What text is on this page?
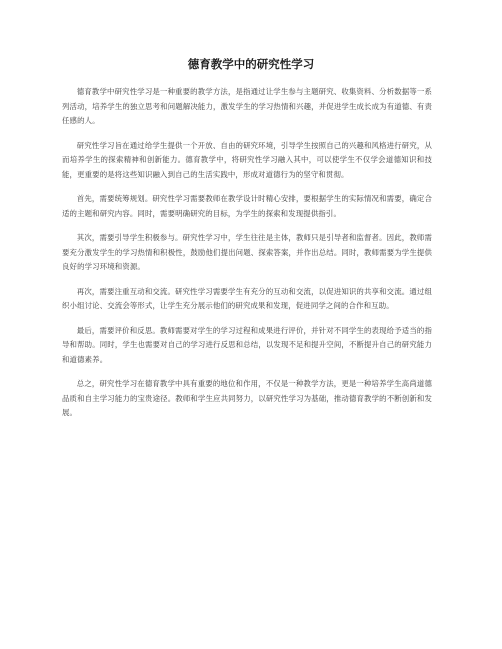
德育教学中的研究性学习

德育教学中研究性学习是一种重要的教学方法，是指通过让学生参与主题研究、收集资料、分析数据等一系列活动，培养学生的独立思考和问题解决能力，激发学生的学习热情和兴趣，并促进学生成长成为有道德、有责任感的人。

研究性学习旨在通过给学生提供一个开放、自由的研究环境，引导学生按照自己的兴趣和风格进行研究，从而培养学生的探索精神和创新能力。德育教学中，将研究性学习融入其中，可以使学生不仅学会道德知识和技能，更重要的是将这些知识融入到自己的生活实践中，形成对道德行为的坚守和贯彻。

首先，需要统筹规划。研究性学习需要教师在教学设计时精心安排，要根据学生的实际情况和需要，确定合适的主题和研究内容。同时，需要明确研究的目标，为学生的探索和发现提供指引。

其次，需要引导学生积极参与。研究性学习中，学生往往是主体，教师只是引导者和监督者。因此，教师需要充分激发学生的学习热情和积极性，鼓励他们提出问题、探索答案，并作出总结。同时，教师需要为学生提供良好的学习环境和资源。

再次，需要注重互动和交流。研究性学习需要学生有充分的互动和交流，以促进知识的共享和交流。通过组织小组讨论、交流会等形式，让学生充分展示他们的研究成果和发现，促进同学之间的合作和互助。

最后，需要评价和反思。教师需要对学生的学习过程和成果进行评价，并针对不同学生的表现给予适当的指导和帮助。同时，学生也需要对自己的学习进行反思和总结，以发现不足和提升空间，不断提升自己的研究能力和道德素养。

总之，研究性学习在德育教学中具有重要的地位和作用，不仅是一种教学方法，更是一种培养学生高尚道德品质和自主学习能力的宝贵途径。教师和学生应共同努力，以研究性学习为基础，推动德育教学的不断创新和发展。
